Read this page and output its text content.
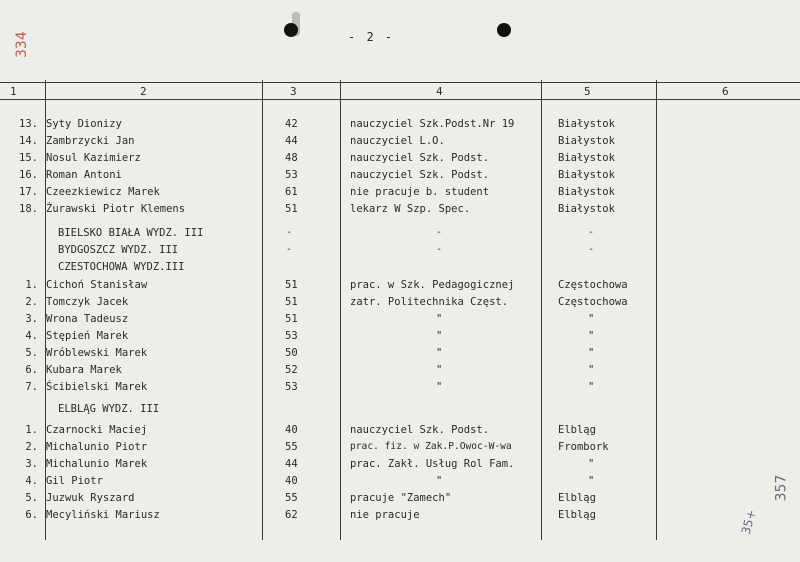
- 2 -
334
357
35+
1	2	3	4	5	6
13. Syty Dionizy	42	nauczyciel Szk.Podst.Nr 19	Białystok
14. Zambrzycki Jan	44	nauczyciel L.O.	Białystok
15. Nosul Kazimierz	48	nauczyciel Szk. Podst.	Białystok
16. Roman Antoni	53	nauczyciel Szk. Podst.	Białystok
17. Czeezkiewicz Marek	61	nie pracuje b. student	Białystok
18. Żurawski Piotr Klemens	51	lekarz W Szp. Spec.	Białystok
BIELSKO BIAŁA WYDZ. III	-	-	-
BYDGOSZCZ WYDZ. III	-	-	-
CZESTOCHOWA WYDZ.III
1. Cichoń Stanisław	51	prac. w Szk. Pedagogicznej	Częstochowa
2. Tomczyk Jacek	51	zatr. Politechnika Częst.	Częstochowa
3. Wrona Tadeusz	51	"	"
4. Stępień Marek	53	"	"
5. Wróblewski Marek	50	"	"
6. Kubara Marek	52	"	"
7. Ścibielski Marek	53	"	"
ELBLĄG WYDZ. III
1. Czarnocki Maciej	40	nauczyciel Szk. Podst.	Elbląg
2. Michalunio Piotr	55	prac. fiz. w Zak.P.Owoc-W-wa	Frombork
3. Michalunio Marek	44	prac. Zakł. Usług Rol Fam.	"
4. Gil Piotr	40	"	"
5. Juzwuk Ryszard	55	pracuje "Zamech"	Elbląg
6. Mecyliński Mariusz	62	nie pracuje	Elbląg
